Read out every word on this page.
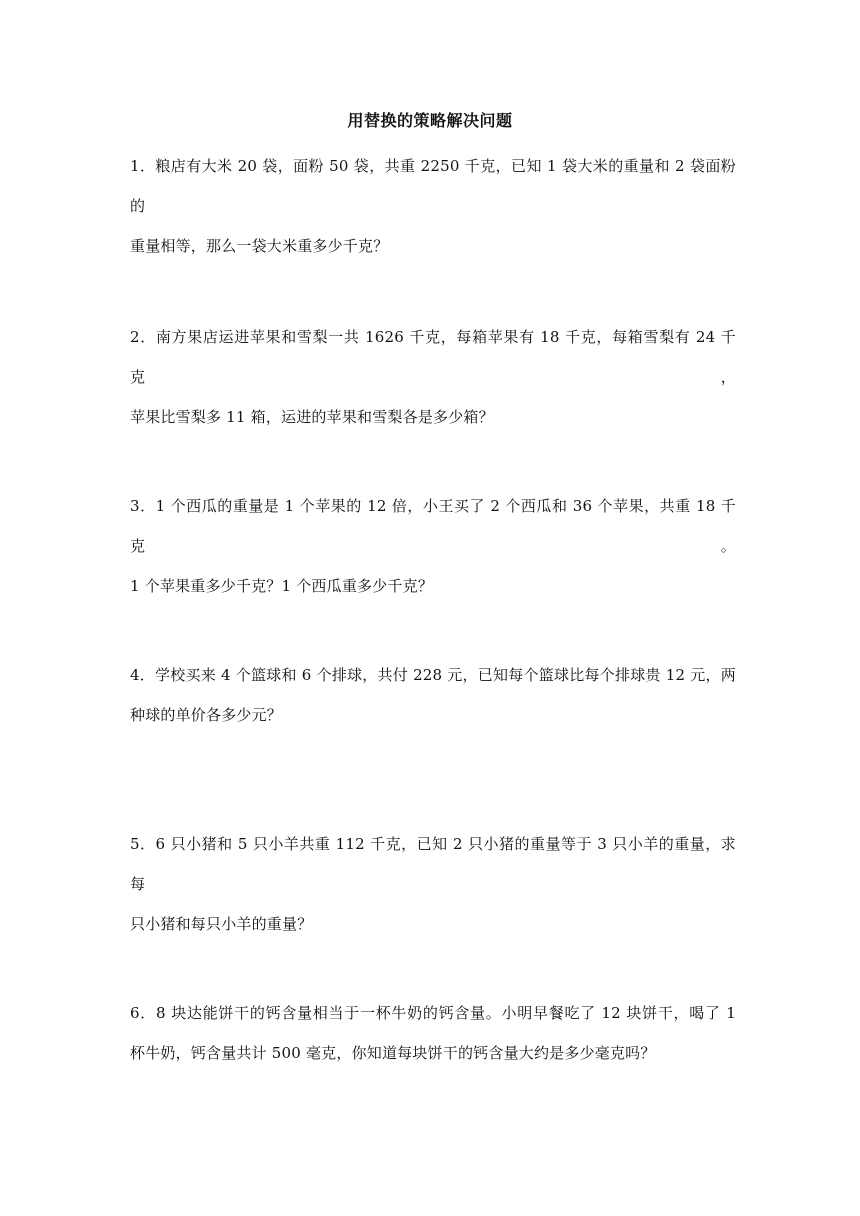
用替换的策略解决问题
1．粮店有大米 20 袋，面粉 50 袋，共重 2250 千克，已知 1 袋大米的重量和 2 袋面粉的
重量相等，那么一袋大米重多少千克？
2．南方果店运进苹果和雪梨一共 1626 千克，每箱苹果有 18 千克，每箱雪梨有 24 千克，
苹果比雪梨多 11 箱，运进的苹果和雪梨各是多少箱？
3．1 个西瓜的重量是 1 个苹果的 12 倍，小王买了 2 个西瓜和 36 个苹果，共重 18 千克。
1 个苹果重多少千克？1 个西瓜重多少千克？
4．学校买来 4 个篮球和 6 个排球，共付 228 元，已知每个篮球比每个排球贵 12 元，两
种球的单价各多少元？
5．6 只小猪和 5 只小羊共重 112 千克，已知 2 只小猪的重量等于 3 只小羊的重量，求每
只小猪和每只小羊的重量？
6．8 块达能饼干的钙含量相当于一杯牛奶的钙含量。小明早餐吃了 12 块饼干，喝了 1
杯牛奶，钙含量共计 500 毫克，你知道每块饼干的钙含量大约是多少毫克吗？
